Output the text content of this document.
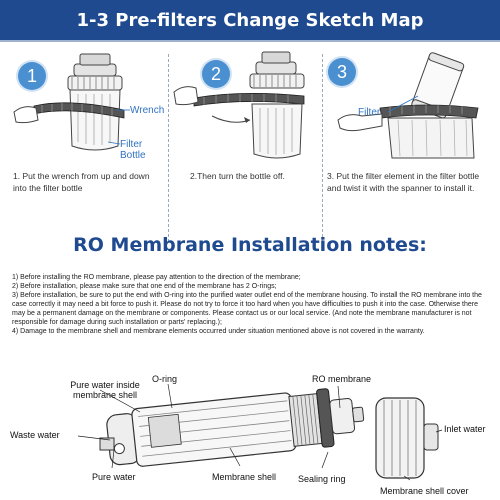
1-3 Pre-filters Change Sketch Map
1
Wrench
Filter Bottle
2	3
Filter
1. Put the wrench from up and down into the filter bottle
2.Then turn the bottle off.	3. Put the filter element in the filter bottle and twist it with the spanner to install it.
RO Membrane Installation notes:
1) Before installing the RO membrane, please pay attention to the direction of the membrane;
2) Before installation, please make sure that one end of the membrane has 2 O-rings;
3) Before installation, be sure to put the end with O-ring into the purified water outlet end of the membrane housing. To install the RO membrane into the case correctly it may need a bit force to push it. Please do not try to force it too hard when you have difficulties to push it into the case. Otherwise there may be a permanent damage on the membrane or components. Please contact us or our local service. (And note the membrane manufacturer is not responsible for damage during such installation or parts' replacing.);
4) Damage to the membrane shell and membrane elements occurred under situation mentioned above is not covered in the warranty.
Pure water inside membrane shell
O-ring	RO membrane
Waste water
Inlet water
Pure water	Membrane shell Sealing ring
Membrane shell cover
